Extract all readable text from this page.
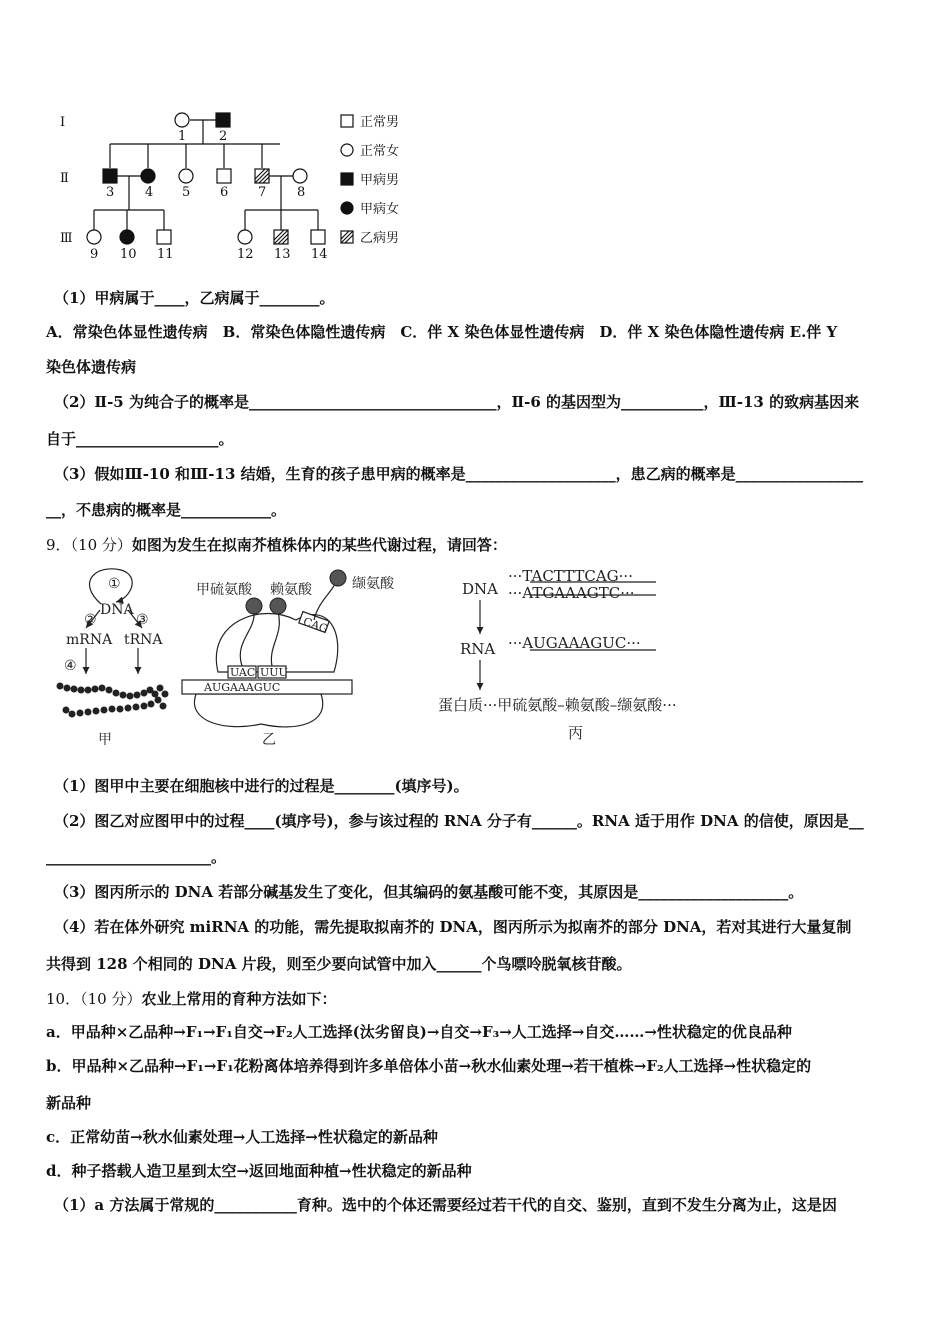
Ⅰ
Ⅱ
Ⅲ
1	2
3 4 5 6 7 8
9 10 11	12 13 14
正常男
正常女
甲病男
甲病女
乙病男
（1）甲病属于____，乙病属于________。
A．常染色体显性遗传病　B．常染色体隐性遗传病　C．伴 X 染色体显性遗传病　D．伴 X 染色体隐性遗传病 E.伴 Y
染色体遗传病
（2）Ⅱ-5 为纯合子的概率是_________________________________，Ⅱ-6 的基因型为___________，Ⅲ-13 的致病基因来
自于___________________。
（3）假如Ⅲ-10 和Ⅲ-13 结婚，生育的孩子患甲病的概率是____________________，患乙病的概率是_________________
__，不患病的概率是____________。
9．（10 分）如图为发生在拟南芥植株体内的某些代谢过程，请回答：
①
DNA
②	③
mRNA tRNA
④
甲
AUGAAAGUC
UAC UUU
CAG
甲硫氨酸 赖氨酸	缬氨酸
乙
DNA
···TACTTTCAG···
···ATGAAAGTC···
RNA ···AUGAAAGUC···
蛋白质···甲硫氨酸–赖氨酸–缬氨酸···
丙
（1）图甲中主要在细胞核中进行的过程是________(填序号)。
（2）图乙对应图甲中的过程____(填序号)，参与该过程的 RNA 分子有______。RNA 适于用作 DNA 的信使，原因是__
______________________。
（3）图丙所示的 DNA 若部分碱基发生了变化，但其编码的氨基酸可能不变，其原因是____________________。
（4）若在体外研究 miRNA 的功能，需先提取拟南芥的 DNA，图丙所示为拟南芥的部分 DNA，若对其进行大量复制
共得到 128 个相同的 DNA 片段，则至少要向试管中加入______个鸟嘌呤脱氧核苷酸。
10．（10 分）农业上常用的育种方法如下：
a．甲品种×乙品种→F₁→F₁自交→F₂人工选择(汰劣留良)→自交→F₃→人工选择→自交……→性状稳定的优良品种
b．甲品种×乙品种→F₁→F₁花粉离体培养得到许多单倍体小苗→秋水仙素处理→若干植株→F₂人工选择→性状稳定的
新品种
c．正常幼苗→秋水仙素处理→人工选择→性状稳定的新品种
d．种子搭载人造卫星到太空→返回地面种植→性状稳定的新品种
（1）a 方法属于常规的___________育种。选中的个体还需要经过若干代的自交、鉴别，直到不发生分离为止，这是因
